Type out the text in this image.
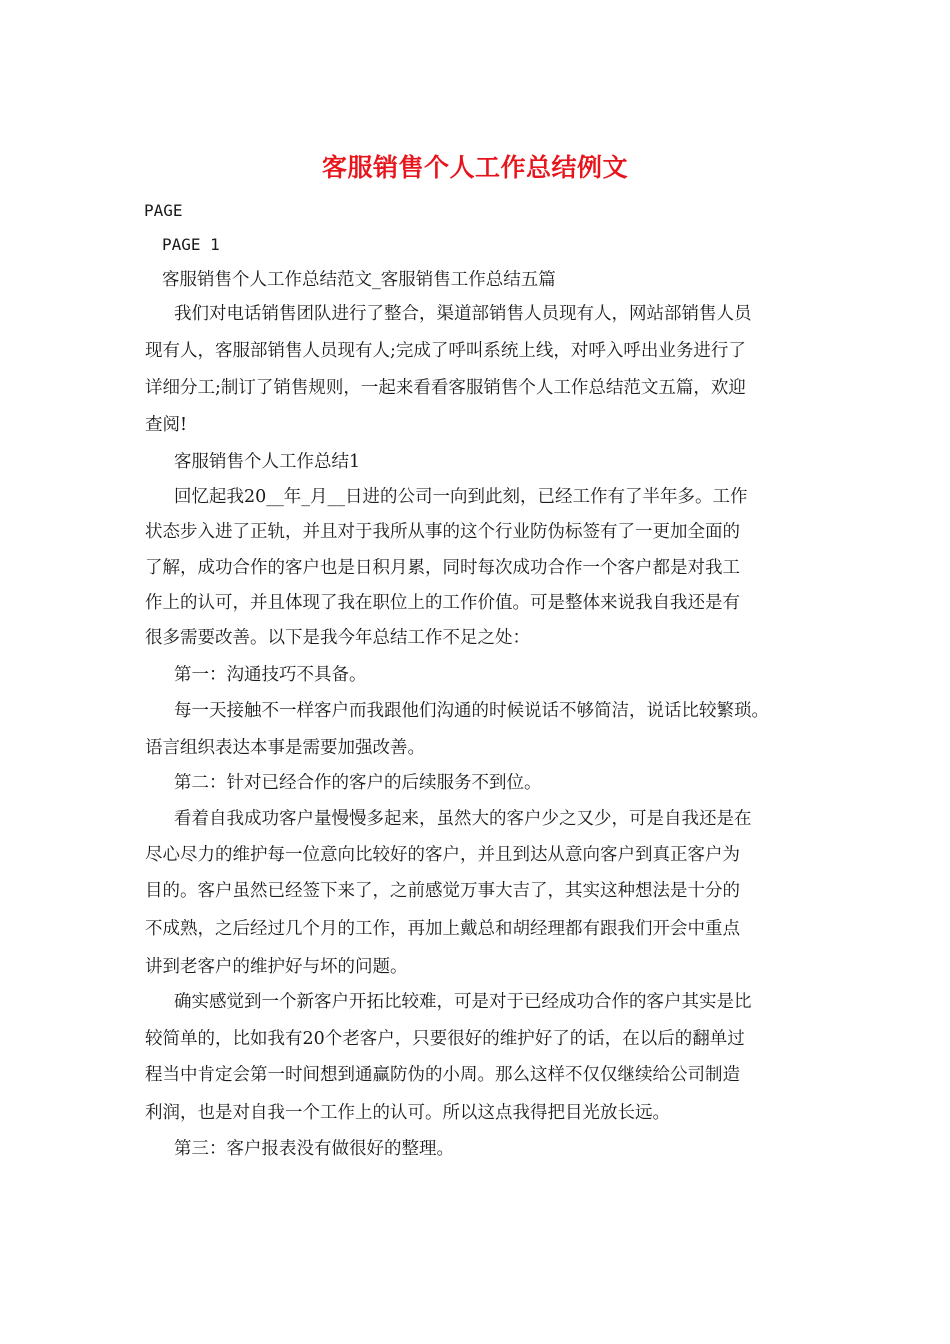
客服销售个人工作总结例文
PAGE
PAGE 1
客服销售个人工作总结范文_客服销售工作总结五篇
我们对电话销售团队进行了整合，渠道部销售人员现有人，网站部销售人员
现有人，客服部销售人员现有人;完成了呼叫系统上线，对呼入呼出业务进行了
详细分工;制订了销售规则，一起来看看客服销售个人工作总结范文五篇，欢迎
查阅!
客服销售个人工作总结1
回忆起我20__年_月__日进的公司一向到此刻，已经工作有了半年多。工作
状态步入进了正轨，并且对于我所从事的这个行业防伪标签有了一更加全面的
了解，成功合作的客户也是日积月累，同时每次成功合作一个客户都是对我工
作上的认可，并且体现了我在职位上的工作价值。可是整体来说我自我还是有
很多需要改善。以下是我今年总结工作不足之处：
第一：沟通技巧不具备。
每一天接触不一样客户而我跟他们沟通的时候说话不够简洁，说话比较繁琐。
语言组织表达本事是需要加强改善。
第二：针对已经合作的客户的后续服务不到位。
看着自我成功客户量慢慢多起来，虽然大的客户少之又少，可是自我还是在
尽心尽力的维护每一位意向比较好的客户，并且到达从意向客户到真正客户为
目的。客户虽然已经签下来了，之前感觉万事大吉了，其实这种想法是十分的
不成熟，之后经过几个月的工作，再加上戴总和胡经理都有跟我们开会中重点
讲到老客户的维护好与坏的问题。
确实感觉到一个新客户开拓比较难，可是对于已经成功合作的客户其实是比
较简单的，比如我有20个老客户，只要很好的维护好了的话，在以后的翻单过
程当中肯定会第一时间想到通赢防伪的小周。那么这样不仅仅继续给公司制造
利润，也是对自我一个工作上的认可。所以这点我得把目光放长远。
第三：客户报表没有做很好的整理。
